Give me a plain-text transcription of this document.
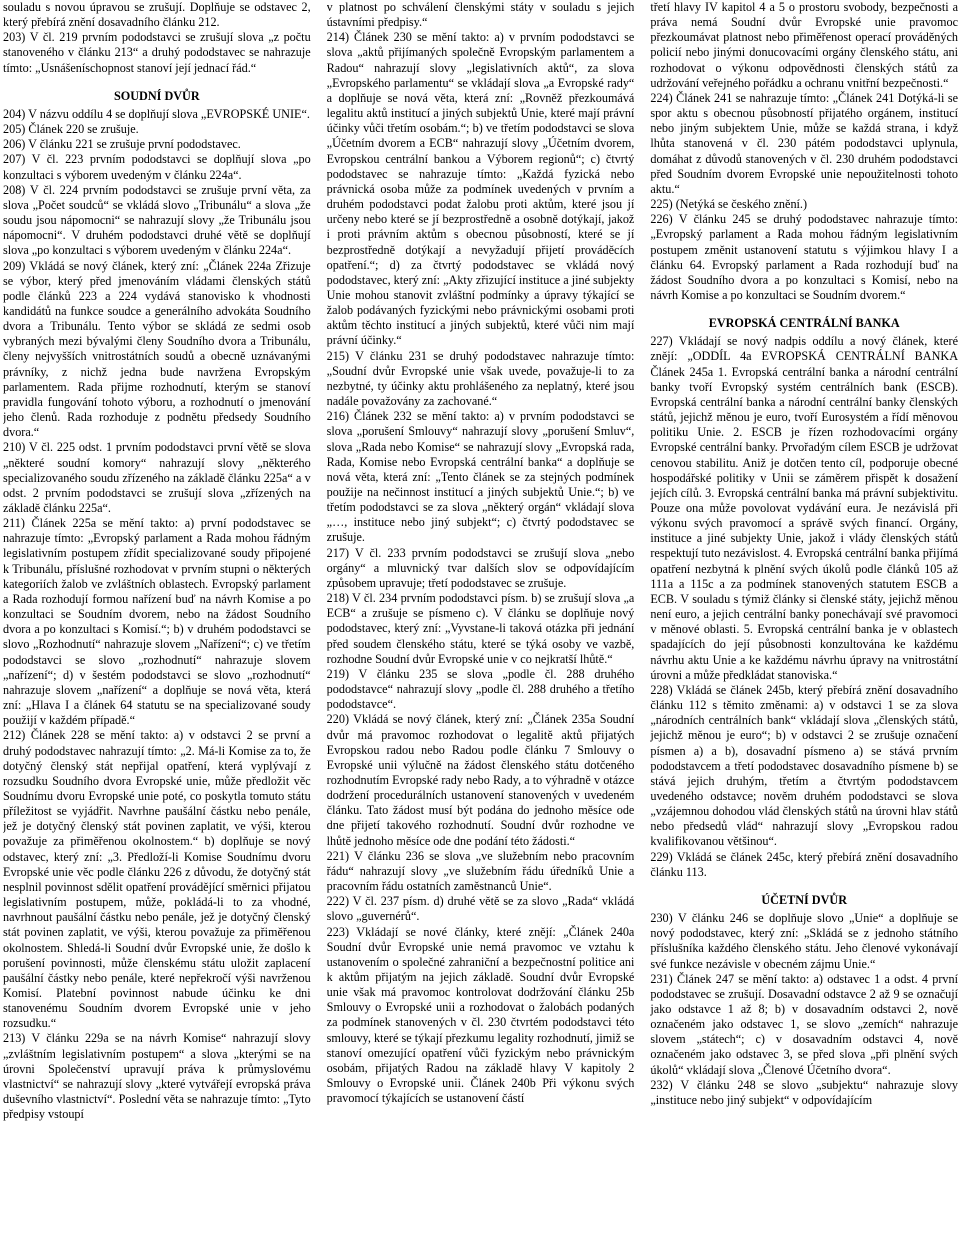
souladu s novou úpravou se zrušují. Doplňuje se odstavec 2, který přebírá znění dosavadního článku 212.

203) V čl. 219 prvním pododstavci se zrušují slova „z počtu stanoveného v článku 213“ a druhý pododstavec se nahrazuje tímto: „Usnášeníschopnost stanoví její jednací řád.“

SOUDNÍ DVŮR

204) V názvu oddílu 4 se doplňují slova „EVROPSKÉ UNIE“.

205) Článek 220 se zrušuje.

206) V článku 221 se zrušuje první pododstavec.

207) V čl. 223 prvním pododstavci se doplňují slova „po konzultaci s výborem uvedeným v článku 224a“.

208) V čl. 224 prvním pododstavci se zrušuje první věta, za slova „Počet soudců“ se vkládá slovo „Tribunálu“ a slova „že soudu jsou nápomocni“ se nahrazují slovy „že Tribunálu jsou nápomocni“. V druhém pododstavci druhé větě se doplňují slova „po konzultaci s výborem uvedeným v článku 224a“.

209) Vkládá se nový článek, který zní: „Článek 224a Zřizuje se výbor, který před jmenováním vládami členských států podle článků 223 a 224 vydává stanovisko k vhodnosti kandidátů na funkce soudce a generálního advokáta Soudního dvora a Tribunálu. Tento výbor se skládá ze sedmi osob vybraných mezi bývalými členy Soudního dvora a Tribunálu, členy nejvyšších vnitrostátních soudů a obecně uznávanými právníky, z nichž jedna bude navržena Evropským parlamentem. Rada přijme rozhodnutí, kterým se stanoví pravidla fungování tohoto výboru, a rozhodnutí o jmenování jeho členů. Rada rozhoduje z podnětu předsedy Soudního dvora.“

210) V čl. 225 odst. 1 prvním pododstavci první větě se slova „některé soudní komory“ nahrazují slovy „některého specializovaného soudu zřízeného na základě článku 225a“ a v odst. 2 prvním pododstavci se zrušují slova „zřízených na základě článku 225a“.

211) Článek 225a se mění takto: a) první pododstavec se nahrazuje tímto: „Evropský parlament a Rada mohou řádným legislativním postupem zřídit specializované soudy připojené k Tribunálu, příslušné rozhodovat v prvním stupni o některých kategoriích žalob ve zvláštních oblastech. Evropský parlament a Rada rozhodují formou nařízení buď na návrh Komise a po konzultaci se Soudním dvorem, nebo na žádost Soudního dvora a po konzultaci s Komisí.“; b) v druhém pododstavci se slovo „Rozhodnutí“ nahrazuje slovem „Nařízení“; c) ve třetím pododstavci se slovo „rozhodnutí“ nahrazuje slovem „nařízení“; d) v šestém pododstavci se slovo „rozhodnutí“ nahrazuje slovem „nařízení“ a doplňuje se nová věta, která zní: „Hlava I a článek 64 statutu se na specializované soudy použijí v každém případě.“

212) Článek 228 se mění takto: a) v odstavci 2 se první a druhý pododstavec nahrazují tímto: „2. Má-li Komise za to, že dotyčný členský stát nepřijal opatření, která vyplývají z rozsudku Soudního dvora Evropské unie, může předložit věc Soudnímu dvoru Evropské unie poté, co poskytla tomuto státu příležitost se vyjádřit. Navrhne paušální částku nebo penále, jež je dotyčný členský stát povinen zaplatit, ve výši, kterou považuje za přiměřenou okolnostem.“ b) doplňuje se nový odstavec, který zní: „3. Předloží-li Komise Soudnímu dvoru Evropské unie věc podle článku 226 z důvodu, že dotyčný stát nesplnil povinnost sdělit opatření provádějící směrnici přijatou legislativním postupem, může, pokládá-li to za vhodné, navrhnout paušální částku nebo penále, jež je dotyčný členský stát povinen zaplatit, ve výši, kterou považuje za přiměřenou okolnostem. Shledá-li Soudní dvůr Evropské unie, že došlo k porušení povinnosti, může členskému státu uložit zaplacení paušální částky nebo penále, které nepřekročí výši navrženou Komisí. Platební povinnost nabude účinku ke dni stanovenému Soudním dvorem Evropské unie v jeho rozsudku.“

213) V článku 229a se na návrh Komise“ nahrazují slovy „zvláštním legislativním postupem“ a slova „kterými se na úrovni Společenství upravují práva k průmyslovému vlastnictví“ se nahrazují slovy „které vytvářejí evropská práva duševního vlastnictví“. Poslední věta se nahrazuje tímto: „Tyto předpisy vstoupí

v platnost po schválení členskými státy v souladu s jejich ústavními předpisy.“

214) Článek 230 se mění takto: a) v prvním pododstavci se slova „aktů přijímaných společně Evropským parlamentem a Radou“ nahrazují slovy „legislativních aktů“, za slova „Evropského parlamentu“ se vkládají slova „a Evropské rady“ a doplňuje se nová věta, která zní: „Rovněž přezkoumává legalitu aktů institucí a jiných subjektů Unie, které mají právní účinky vůči třetím osobám.“; b) ve třetím pododstavci se slova „Účetním dvorem a ECB“ nahrazují slovy „Účetním dvorem, Evropskou centrální bankou a Výborem regionů“; c) čtvrtý pododstavec se nahrazuje tímto: „Každá fyzická nebo právnická osoba může za podmínek uvedených v prvním a druhém pododstavci podat žalobu proti aktům, které jsou jí určeny nebo které se jí bezprostředně a osobně dotýkají, jakož i proti právním aktům s obecnou působností, které se jí bezprostředně dotýkají a nevyžadují přijetí prováděcích opatření.“; d) za čtvrtý pododstavec se vkládá nový pododstavec, který zní: „Akty zřizující instituce a jiné subjekty Unie mohou stanovit zvláštní podmínky a úpravy týkající se žalob podávaných fyzickými nebo právnickými osobami proti aktům těchto institucí a jiných subjektů, které vůči nim mají právní účinky.“

215) V článku 231 se druhý pododstavec nahrazuje tímto: „Soudní dvůr Evropské unie však uvede, považuje-li to za nezbytné, ty účinky aktu prohlášeného za neplatný, které jsou nadále považovány za zachované.“

216) Článek 232 se mění takto: a) v prvním pododstavci se slova „porušení Smlouvy“ nahrazují slovy „porušení Smluv“, slova „Rada nebo Komise“ se nahrazují slovy „Evropská rada, Rada, Komise nebo Evropská centrální banka“ a doplňuje se nová věta, která zní: „Tento článek se za stejných podmínek použije na nečinnost institucí a jiných subjektů Unie.“; b) ve třetím pododstavci se za slova „některý orgán“ vkládají slova „…, instituce nebo jiný subjekt“; c) čtvrtý pododstavec se zrušuje.

217) V čl. 233 prvním pododstavci se zrušují slova „nebo orgány“ a mluvnický tvar dalších slov se odpovídajícím způsobem upravuje; třetí pododstavec se zrušuje.

218) V čl. 234 prvním pododstavci písm. b) se zrušují slova „a ECB“ a zrušuje se písmeno c). V článku se doplňuje nový pododstavec, který zní: „Vyvstane-li taková otázka při jednání před soudem členského státu, které se týká osoby ve vazbě, rozhodne Soudní dvůr Evropské unie v co nejkratší lhůtě.“

219) V článku 235 se slova „podle čl. 288 druhého pododstavce“ nahrazují slovy „podle čl. 288 druhého a třetího pododstavce“.

220) Vkládá se nový článek, který zní: „Článek 235a Soudní dvůr má pravomoc rozhodovat o legalitě aktů přijatých Evropskou radou nebo Radou podle článku 7 Smlouvy o Evropské unii výlučně na žádost členského státu dotčeného rozhodnutím Evropské rady nebo Rady, a to výhradně v otázce dodržení procedurálních ustanovení stanovených v uvedeném článku. Tato žádost musí být podána do jednoho měsíce ode dne přijetí takového rozhodnutí. Soudní dvůr rozhodne ve lhůtě jednoho měsíce ode dne podání této žádosti.“

221) V článku 236 se slova „ve služebním nebo pracovním řádu“ nahrazují slovy „ve služebním řádu úředníků Unie a pracovním řádu ostatních zaměstnanců Unie“.

222) V čl. 237 písm. d) druhé větě se za slovo „Rada“ vkládá slovo „guvernérů“.

223) Vkládají se nové články, které znějí: „Článek 240a Soudní dvůr Evropské unie nemá pravomoc ve vztahu k ustanovením o společné zahraniční a bezpečnostní politice ani k aktům přijatým na jejich základě. Soudní dvůr Evropské unie však má pravomoc kontrolovat dodržování článku 25b Smlouvy o Evropské unii a rozhodovat o žalobách podaných za podmínek stanovených v čl. 230 čtvrtém pododstavci této smlouvy, které se týkají přezkumu legality rozhodnutí, jimiž se stanoví omezující opatření vůči fyzickým nebo právnickým osobám, přijatých Radou na základě hlavy V kapitoly 2 Smlouvy o Evropské unii. Článek 240b Při výkonu svých pravomocí týkajících se ustanovení částí

třetí hlavy IV kapitol 4 a 5 o prostoru svobody, bezpečnosti a práva nemá Soudní dvůr Evropské unie pravomoc přezkoumávat platnost nebo přiměřenost operací prováděných policií nebo jinými donucovacími orgány členského státu, ani rozhodovat o výkonu odpovědnosti členských států za udržování veřejného pořádku a ochranu vnitřní bezpečnosti.“

224) Článek 241 se nahrazuje tímto: „Článek 241 Dotýká-li se spor aktu s obecnou působností přijatého orgánem, institucí nebo jiným subjektem Unie, může se každá strana, i když lhůta stanovená v čl. 230 pátém pododstavci uplynula, domáhat z důvodů stanovených v čl. 230 druhém pododstavci před Soudním dvorem Evropské unie nepoužitelnosti tohoto aktu.“

225) (Netýká se českého znění.)

226) V článku 245 se druhý pododstavec nahrazuje tímto: „Evropský parlament a Rada mohou řádným legislativním postupem změnit ustanovení statutu s výjimkou hlavy I a článku 64. Evropský parlament a Rada rozhodují buď na žádost Soudního dvora a po konzultaci s Komisí, nebo na návrh Komise a po konzultaci se Soudním dvorem.“

EVROPSKÁ CENTRÁLNÍ BANKA

227) Vkládají se nový nadpis oddílu a nový článek, které znějí: „ODDÍL 4a EVROPSKÁ CENTRÁLNÍ BANKA Článek 245a 1. Evropská centrální banka a národní centrální banky tvoří Evropský systém centrálních bank (ESCB). Evropská centrální banka a národní centrální banky členských států, jejichž měnou je euro, tvoří Eurosystém a řídí měnovou politiku Unie. 2. ESCB je řízen rozhodovacími orgány Evropské centrální banky. Prvořadým cílem ESCB je udržovat cenovou stabilitu. Aniž je dotčen tento cíl, podporuje obecné hospodářské politiky v Unii se záměrem přispět k dosažení jejích cílů. 3. Evropská centrální banka má právní subjektivitu. Pouze ona může povolovat vydávání eura. Je nezávislá při výkonu svých pravomocí a správě svých financí. Orgány, instituce a jiné subjekty Unie, jakož i vlády členských států respektují tuto nezávislost. 4. Evropská centrální banka přijímá opatření nezbytná k plnění svých úkolů podle článků 105 až 111a a 115c a za podmínek stanovených statutem ESCB a ECB. V souladu s týmiž články si členské státy, jejichž měnou není euro, a jejich centrální banky ponechávají své pravomoci v měnové oblasti. 5. Evropská centrální banka je v oblastech spadajících do její působnosti konzultována ke každému návrhu aktu Unie a ke každému návrhu úpravy na vnitrostátní úrovni a může předkládat stanoviska.“

228) Vkládá se článek 245b, který přebírá znění dosavadního článku 112 s těmito změnami: a) v odstavci 1 se za slova „národních centrálních bank“ vkládají slova „členských států, jejichž měnou je euro“; b) v odstavci 2 se zrušuje označení písmen a) a b), dosavadní písmeno a) se stává prvním pododstavcem a třetí pododstavec dosavadního písmene b) se stává jejich druhým, třetím a čtvrtým pododstavcem uvedeného odstavce; nověm druhém pododstavci se slova „vzájemnou dohodou vlád členských států na úrovni hlav států nebo předsedů vlád“ nahrazují slovy „Evropskou radou kvalifikovanou většinou“.

229) Vkládá se článek 245c, který přebírá znění dosavadního článku 113.

ÚČETNÍ DVŮR

230) V článku 246 se doplňuje slovo „Unie“ a doplňuje se nový pododstavec, který zní: „Skládá se z jednoho státního příslušníka každého členského státu. Jeho členové vykonávají své funkce nezávisle v obecném zájmu Unie.“

231) Článek 247 se mění takto: a) odstavec 1 a odst. 4 první pododstavec se zrušují. Dosavadní odstavce 2 až 9 se označují jako odstavce 1 až 8; b) v dosavadním odstavci 2, nově označeném jako odstavec 1, se slovo „zemích“ nahrazuje slovem „státech“; c) v dosavadním odstavci 4, nově označeném jako odstavec 3, se před slova „při plnění svých úkolů“ vkládají slova „Členové Účetního dvora“.

232) V článku 248 se slovo „subjektu“ nahrazuje slovy „instituce nebo jiný subjekt“ v odpovídajícím
